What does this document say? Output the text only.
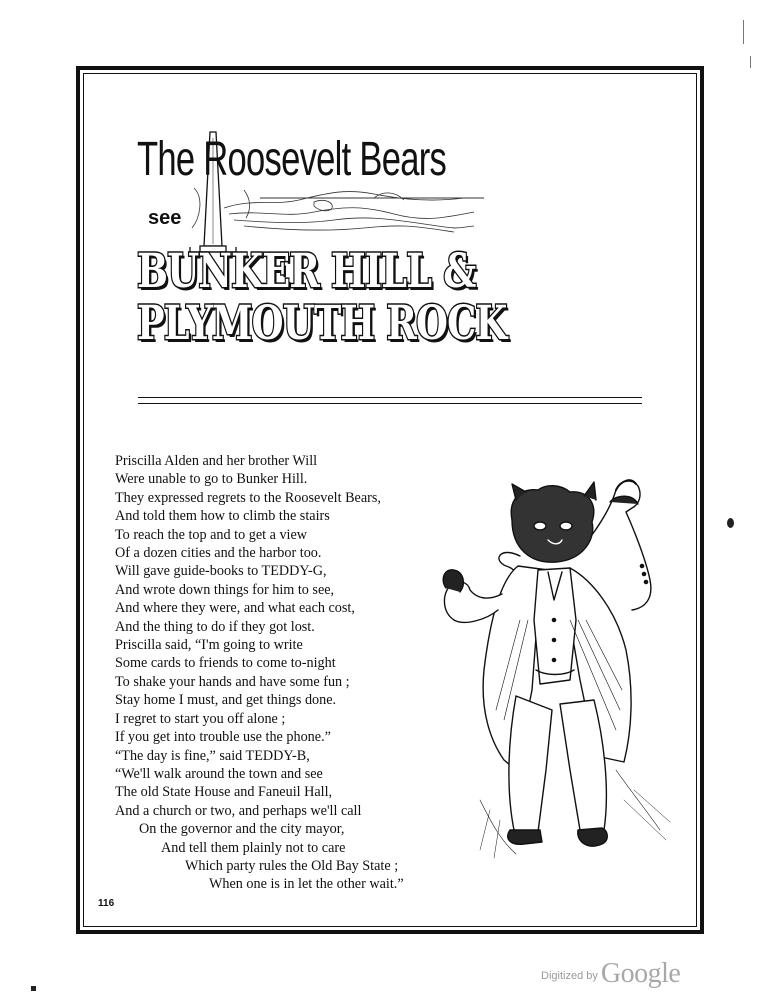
The Roosevelt Bears
see
BUNKER HILL &
PLYMOUTH ROCK
Priscilla Alden and her brother Will
Were unable to go to Bunker Hill.
They expressed regrets to the Roosevelt Bears,
And told them how to climb the stairs
To reach the top and to get a view
Of a dozen cities and the harbor too.
Will gave guide-books to TEDDY-G,
And wrote down things for him to see,
And where they were, and what each cost,
And the thing to do if they got lost.
Priscilla said, “I'm going to write
Some cards to friends to come to-night
To shake your hands and have some fun ;
Stay home I must, and get things done.
I regret to start you off alone ;
If you get into trouble use the phone.”
“The day is fine,” said TEDDY-B,
“We'll walk around the town and see
The old State House and Faneuil Hall,
And a church or two, and perhaps we'll call
On the governor and the city mayor,
And tell them plainly not to care
Which party rules the Old Bay State ;
When one is in let the other wait.”
116
Digitized by Google
